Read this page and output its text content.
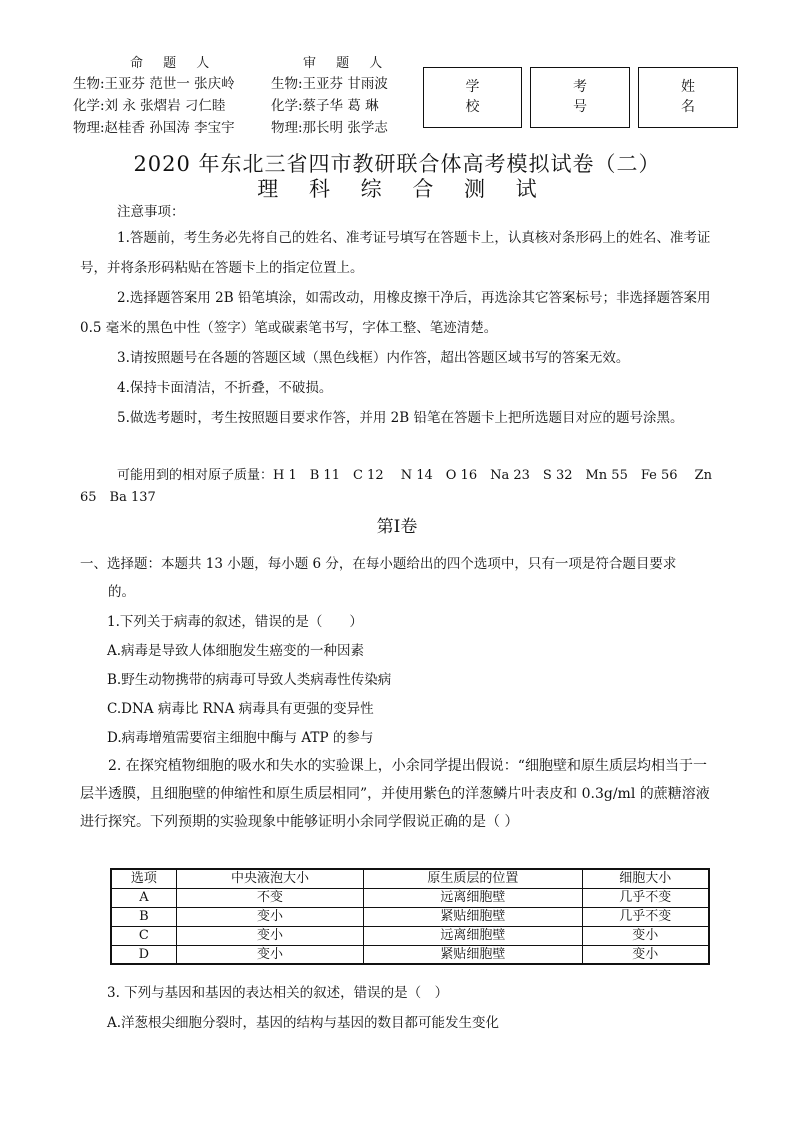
命 题 人	审 题 人
生物:王亚芬 范世一 张庆岭	生物:王亚芬 甘雨波
化学:刘 永 张熠岩 刁仁睦	化学:蔡子华 葛 琳
物理:赵桂香 孙国涛 李宝宇	物理:那长明 张学志
学 校
考 号
姓 名
2020 年东北三省四市教研联合体高考模拟试卷（二）
理 科 综 合 测 试
注意事项：
1.答题前，考生务必先将自己的姓名、准考证号填写在答题卡上，认真核对条形码上的姓名、准考证号，并将条形码粘贴在答题卡上的指定位置上。
2.选择题答案用 2B 铅笔填涂，如需改动，用橡皮擦干净后，再选涂其它答案标号；非选择题答案用 0.5 毫米的黑色中性（签字）笔或碳素笔书写，字体工整、笔迹清楚。
3.请按照题号在各题的答题区域（黑色线框）内作答，超出答题区域书写的答案无效。
4.保持卡面清洁，不折叠，不破损。
5.做选考题时，考生按照题目要求作答，并用 2B 铅笔在答题卡上把所选题目对应的题号涂黑。
可能用到的相对原子质量：H 1　B 11　C 12　 N 14　O 16　Na 23　S 32　Mn 55　Fe 56　 Zn 65　Ba 137
第Ⅰ卷
一、选择题：本题共 13 小题，每小题 6 分，在每小题给出的四个选项中，只有一项是符合题目要求的。
1.下列关于病毒的叙述，错误的是（　　）
A.病毒是导致人体细胞发生癌变的一种因素
B.野生动物携带的病毒可导致人类病毒性传染病
C.DNA 病毒比 RNA 病毒具有更强的变异性
D.病毒增殖需要宿主细胞中酶与 ATP 的参与
2. 在探究植物细胞的吸水和失水的实验课上，小余同学提出假说：“细胞壁和原生质层均相当于一层半透膜，且细胞壁的伸缩性和原生质层相同”，并使用紫色的洋葱鳞片叶表皮和 0.3g/ml 的蔗糖溶液进行探究。下列预期的实验现象中能够证明小余同学假说正确的是（ ）
选项	中央液泡大小	原生质层的位置	细胞大小
A	不变	远离细胞壁	几乎不变
B	变小	紧贴细胞壁	几乎不变
C	变小	远离细胞壁	变小
D	变小	紧贴细胞壁	变小
3. 下列与基因和基因的表达相关的叙述，错误的是（　）
A.洋葱根尖细胞分裂时，基因的结构与基因的数目都可能发生变化
